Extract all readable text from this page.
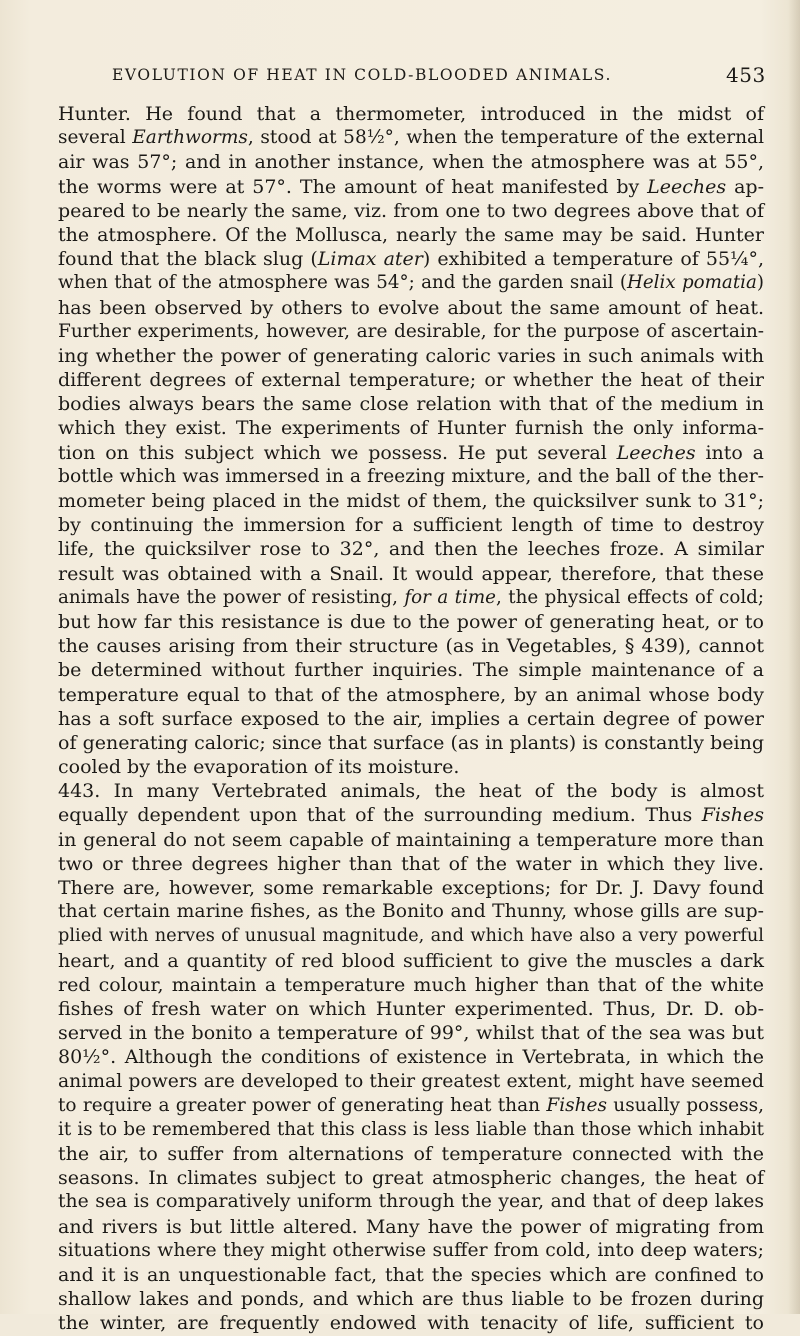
EVOLUTION OF HEAT IN COLD-BLOODED ANIMALS.	453
Hunter. He found that a thermometer, introduced in the midst of
several Earthworms, stood at 58½°, when the temperature of the external
air was 57°; and in another instance, when the atmosphere was at 55°,
the worms were at 57°. The amount of heat manifested by Leeches ap-
peared to be nearly the same, viz. from one to two degrees above that of
the atmosphere. Of the Mollusca, nearly the same may be said. Hunter
found that the black slug (Limax ater) exhibited a temperature of 55¼°,
when that of the atmosphere was 54°; and the garden snail (Helix pomatia)
has been observed by others to evolve about the same amount of heat.
Further experiments, however, are desirable, for the purpose of ascertain-
ing whether the power of generating caloric varies in such animals with
different degrees of external temperature; or whether the heat of their
bodies always bears the same close relation with that of the medium in
which they exist. The experiments of Hunter furnish the only informa-
tion on this subject which we possess. He put several Leeches into a
bottle which was immersed in a freezing mixture, and the ball of the ther-
mometer being placed in the midst of them, the quicksilver sunk to 31°;
by continuing the immersion for a sufficient length of time to destroy
life, the quicksilver rose to 32°, and then the leeches froze. A similar
result was obtained with a Snail. It would appear, therefore, that these
animals have the power of resisting, for a time, the physical effects of cold;
but how far this resistance is due to the power of generating heat, or to
the causes arising from their structure (as in Vegetables, § 439), cannot
be determined without further inquiries. The simple maintenance of a
temperature equal to that of the atmosphere, by an animal whose body
has a soft surface exposed to the air, implies a certain degree of power
of generating caloric; since that surface (as in plants) is constantly being
cooled by the evaporation of its moisture.
443. In many Vertebrated animals, the heat of the body is almost
equally dependent upon that of the surrounding medium. Thus Fishes
in general do not seem capable of maintaining a temperature more than
two or three degrees higher than that of the water in which they live.
There are, however, some remarkable exceptions; for Dr. J. Davy found
that certain marine fishes, as the Bonito and Thunny, whose gills are sup-
plied with nerves of unusual magnitude, and which have also a very powerful
heart, and a quantity of red blood sufficient to give the muscles a dark
red colour, maintain a temperature much higher than that of the white
fishes of fresh water on which Hunter experimented. Thus, Dr. D. ob-
served in the bonito a temperature of 99°, whilst that of the sea was but
80½°. Although the conditions of existence in Vertebrata, in which the
animal powers are developed to their greatest extent, might have seemed
to require a greater power of generating heat than Fishes usually possess,
it is to be remembered that this class is less liable than those which inhabit
the air, to suffer from alternations of temperature connected with the
seasons. In climates subject to great atmospheric changes, the heat of
the sea is comparatively uniform through the year, and that of deep lakes
and rivers is but little altered. Many have the power of migrating from
situations where they might otherwise suffer from cold, into deep waters;
and it is an unquestionable fact, that the species which are confined to
shallow lakes and ponds, and which are thus liable to be frozen during
the winter, are frequently endowed with tenacity of life, sufficient to
